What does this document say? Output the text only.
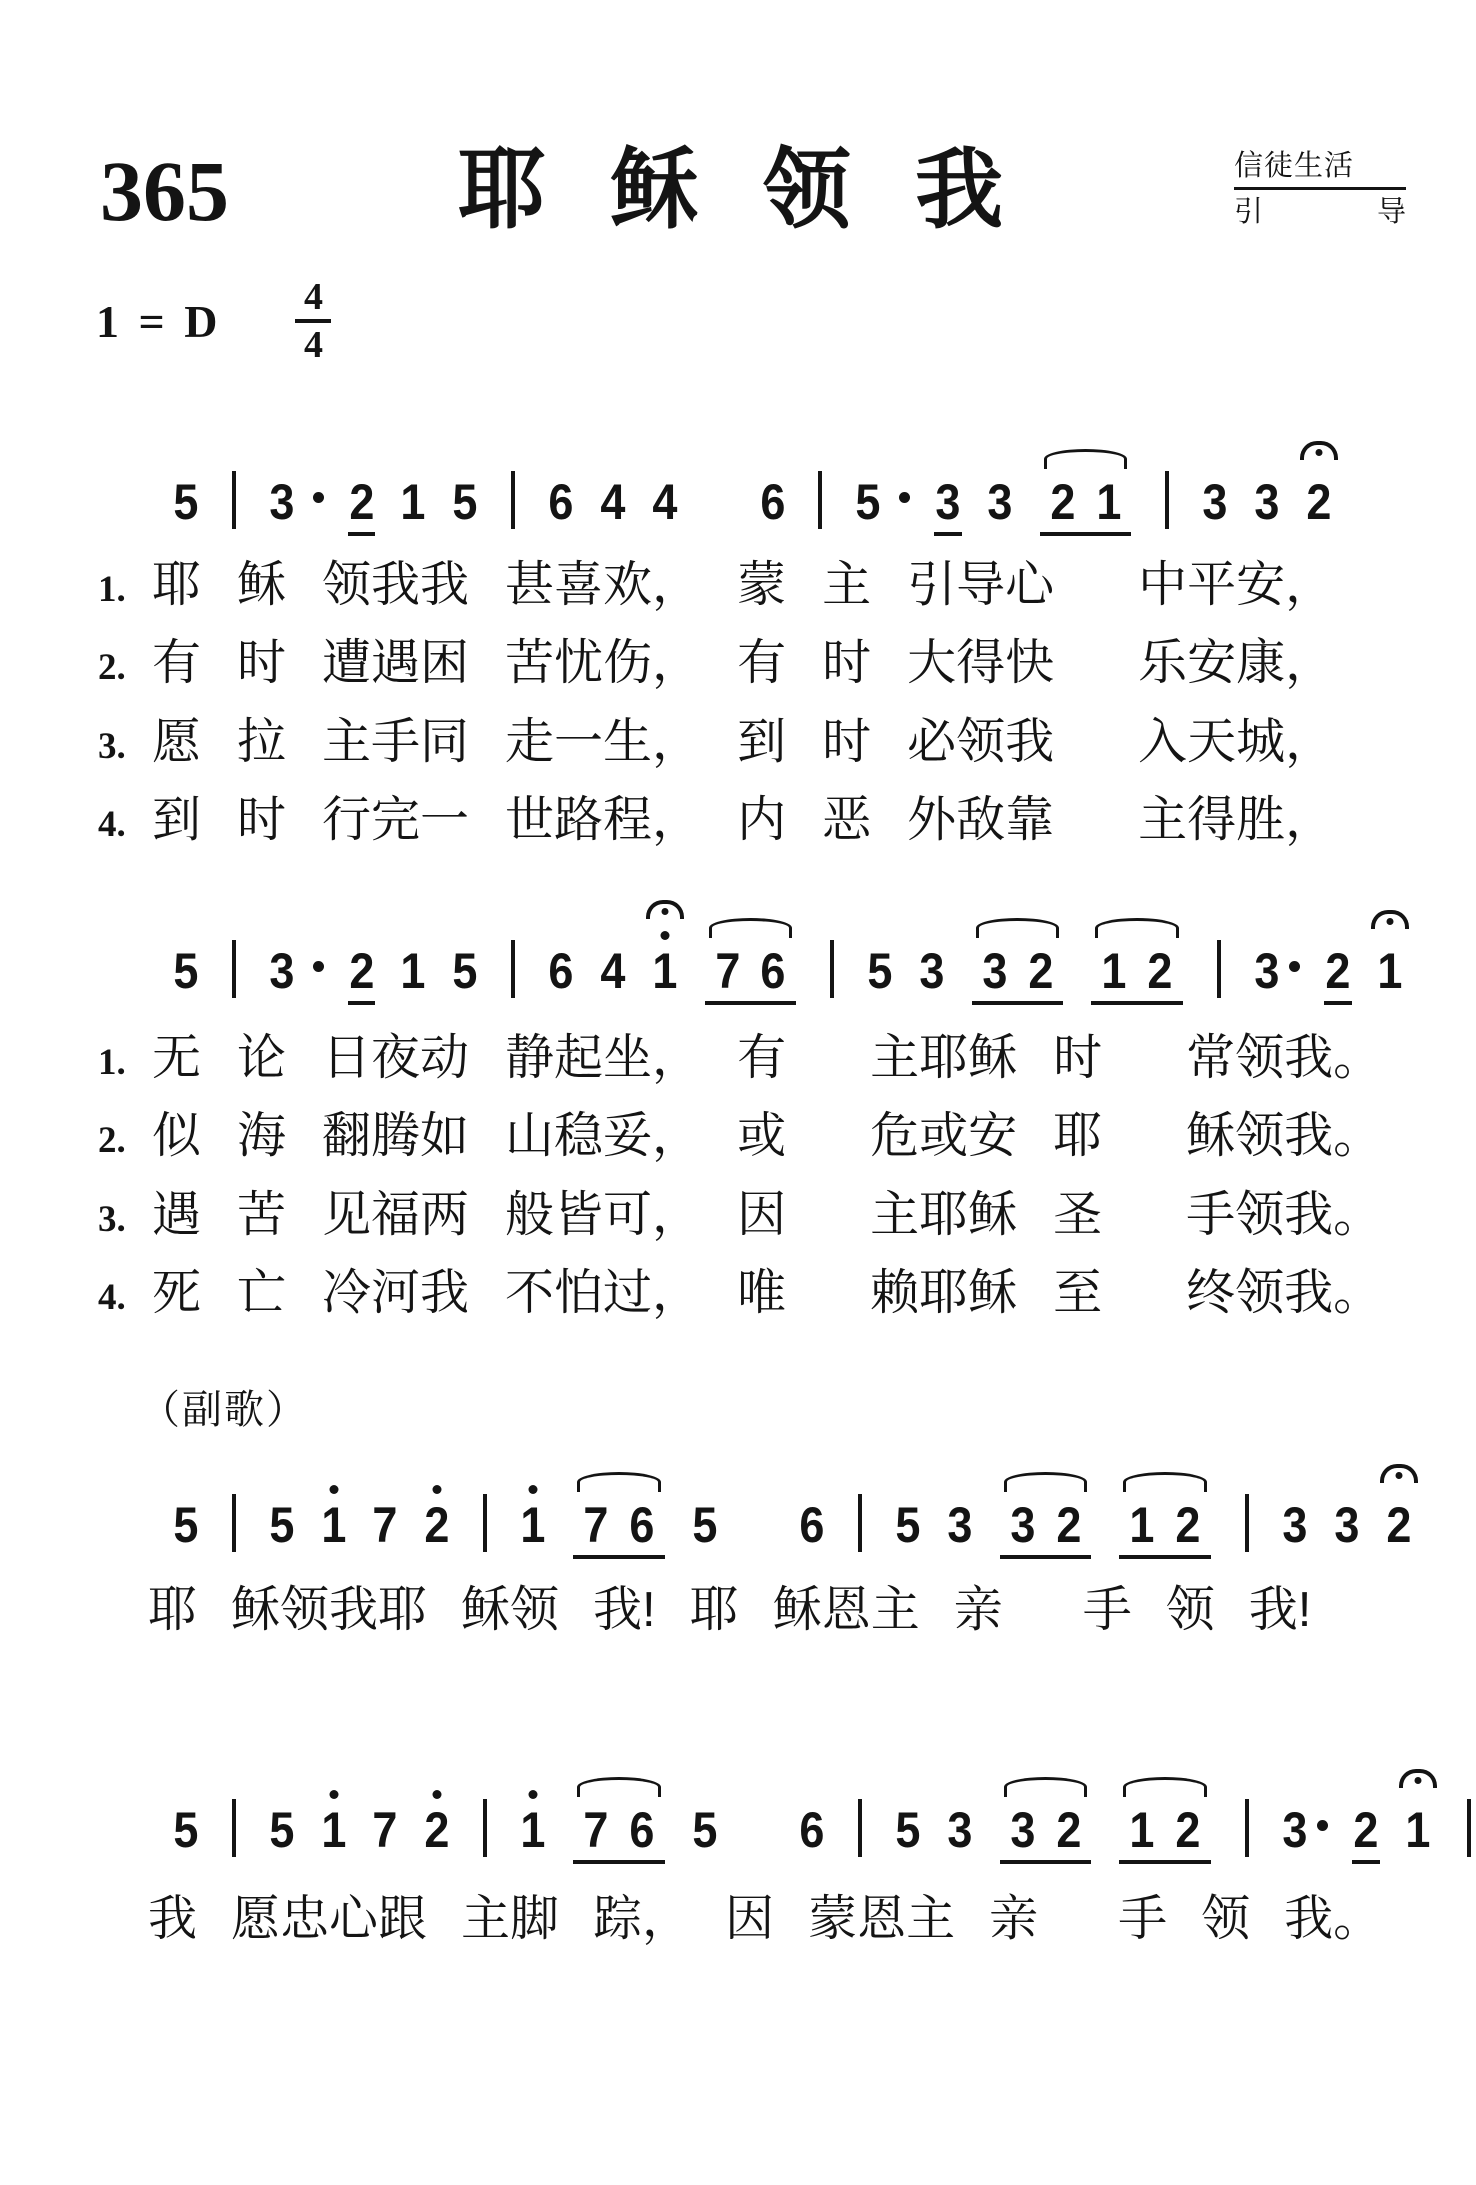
365	耶 稣 领 我	信徒生活
引	导
1 = D 4
4
5 3	2 1 5 6 4 4 6 5	3 3 2 1 3 3 2
1. 耶 稣 领我我 甚喜欢， 蒙 主 引导心 中平安，
2. 有 时 遭遇困 苦忧伤， 有 时 大得快 乐安康，
3. 愿 拉 主手同 走一生， 到 时 必领我 入天城，
4. 到 时 行完一 世路程， 内 恶 外敌靠 主得胜，
5 3	2 1 5 6 4 1 7 6 5 3 3 2 1 2 3 2 1
1. 无 论 日夜动 静起坐， 有 主耶稣 时 常领我。
2. 似 海 翻腾如 山稳妥， 或 危或安 耶 稣领我。
3. 遇 苦 见福两 般皆可， 因 主耶稣 圣 手领我。
4. 死 亡 冷河我 不怕过， 唯 赖耶稣 至 终领我。
（副歌）
5 5 1 7 2 1 7 6 5 6 5 3 3 2 1 2 3 3 2
耶 稣领我耶 稣领 我! 耶 稣恩主 亲 手 领 我!
5 5 1 7 2 1 7 6 5 6 5 3 3 2 1 2 3 2 1
我 愿忠心跟 主脚 踪， 因 蒙恩主 亲 手 领 我。
